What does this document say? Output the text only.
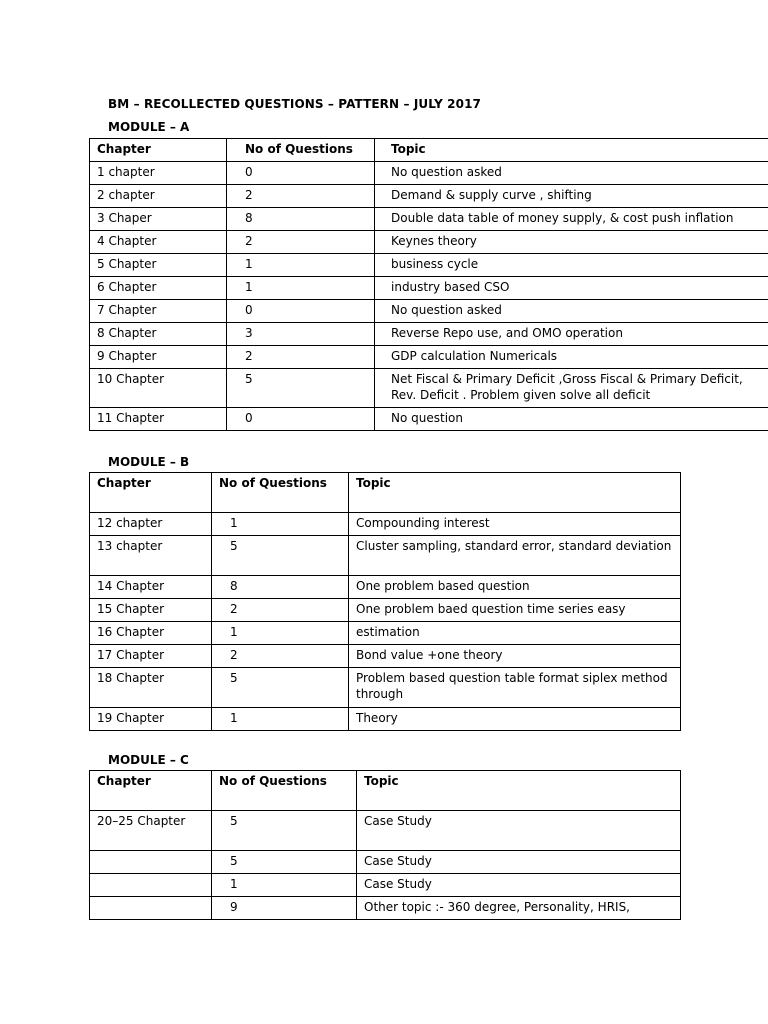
BM – RECOLLECTED QUESTIONS – PATTERN – JULY 2017
MODULE – A
Chapter	No of Questions	Topic
1 chapter	0	No question asked
2 chapter	2	Demand & supply curve , shifting
3 Chaper	8	Double data table of money supply, & cost push inflation
4 Chapter	2	Keynes theory
5 Chapter	1	business cycle
6 Chapter	1	industry based CSO
7 Chapter	0	No question asked
8 Chapter	3	Reverse Repo use, and OMO operation
9 Chapter	2	GDP calculation Numericals
10 Chapter	5	Net Fiscal & Primary Deficit ,Gross Fiscal & Primary Deficit, Rev. Deficit . Problem given solve all deficit
11 Chapter	0	No question
MODULE – B
Chapter	No of Questions	Topic
12 chapter	1	Compounding interest
13 chapter	5	Cluster sampling, standard error, standard deviation
14 Chapter	8	One problem based question
15 Chapter	2	One problem baed question time series easy
16 Chapter	1	estimation
17 Chapter	2	Bond value +one theory
18 Chapter	5	Problem based question table format siplex method through
19 Chapter	1	Theory
MODULE – C
Chapter	No of Questions	Topic
20–25 Chapter	5	Case Study
	5	Case Study
	1	Case Study
	9	Other topic :- 360 degree, Personality, HRIS,
